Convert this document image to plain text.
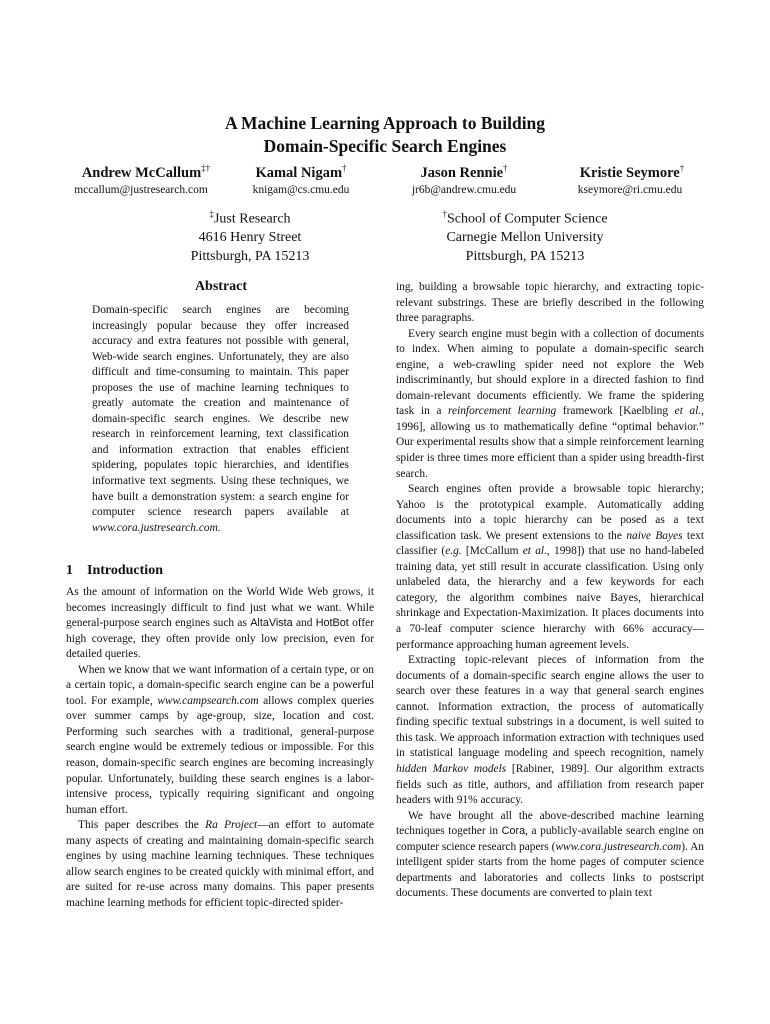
A Machine Learning Approach to Building
Domain-Specific Search Engines
Andrew McCallum‡†	Kamal Nigam†	Jason Rennie†	Kristie Seymore†
mccallum@justresearch.com	knigam@cs.cmu.edu	jr6b@andrew.cmu.edu	kseymore@ri.cmu.edu
‡Just Research
4616 Henry Street
Pittsburgh, PA 15213
†School of Computer Science
Carnegie Mellon University
Pittsburgh, PA 15213
Abstract
Domain-specific search engines are becoming increasingly popular because they offer increased accuracy and extra features not possible with general, Web-wide search engines. Unfortunately, they are also difficult and time-consuming to maintain. This paper proposes the use of machine learning techniques to greatly automate the creation and maintenance of domain-specific search engines. We describe new research in reinforcement learning, text classification and information extraction that enables efficient spidering, populates topic hierarchies, and identifies informative text segments. Using these techniques, we have built a demonstration system: a search engine for computer science research papers available at www.cora.justresearch.com.
1 Introduction

As the amount of information on the World Wide Web grows, it becomes increasingly difficult to find just what we want. While general-purpose search engines such as AltaVista and HotBot offer high coverage, they often provide only low precision, even for detailed queries.

When we know that we want information of a certain type, or on a certain topic, a domain-specific search engine can be a powerful tool. For example, www.campsearch.com allows complex queries over summer camps by age-group, size, location and cost. Performing such searches with a traditional, general-purpose search engine would be extremely tedious or impossible. For this reason, domain-specific search engines are becoming increasingly popular. Unfortunately, building these search engines is a labor-intensive process, typically requiring significant and ongoing human effort.

This paper describes the Ra Project—an effort to automate many aspects of creating and maintaining domain-specific search engines by using machine learning techniques. These techniques allow search engines to be created quickly with minimal effort, and are suited for re-use across many domains. This paper presents machine learning methods for efficient topic-directed spider-

ing, building a browsable topic hierarchy, and extracting topic-relevant substrings. These are briefly described in the following three paragraphs.

Every search engine must begin with a collection of documents to index. When aiming to populate a domain-specific search engine, a web-crawling spider need not explore the Web indiscriminantly, but should explore in a directed fashion to find domain-relevant documents efficiently. We frame the spidering task in a reinforcement learning framework [Kaelbling et al., 1996], allowing us to mathematically define “optimal behavior.” Our experimental results show that a simple reinforcement learning spider is three times more efficient than a spider using breadth-first search.

Search engines often provide a browsable topic hierarchy; Yahoo is the prototypical example. Automatically adding documents into a topic hierarchy can be posed as a text classification task. We present extensions to the naive Bayes text classifier (e.g. [McCallum et al., 1998]) that use no hand-labeled training data, yet still result in accurate classification. Using only unlabeled data, the hierarchy and a few keywords for each category, the algorithm combines naive Bayes, hierarchical shrinkage and Expectation-Maximization. It places documents into a 70-leaf computer science hierarchy with 66% accuracy—performance approaching human agreement levels.

Extracting topic-relevant pieces of information from the documents of a domain-specific search engine allows the user to search over these features in a way that general search engines cannot. Information extraction, the process of automatically finding specific textual substrings in a document, is well suited to this task. We approach information extraction with techniques used in statistical language modeling and speech recognition, namely hidden Markov models [Rabiner, 1989]. Our algorithm extracts fields such as title, authors, and affiliation from research paper headers with 91% accuracy.

We have brought all the above-described machine learning techniques together in Cora, a publicly-available search engine on computer science research papers (www.cora.justresearch.com). An intelligent spider starts from the home pages of computer science departments and laboratories and collects links to postscript documents. These documents are converted to plain text
